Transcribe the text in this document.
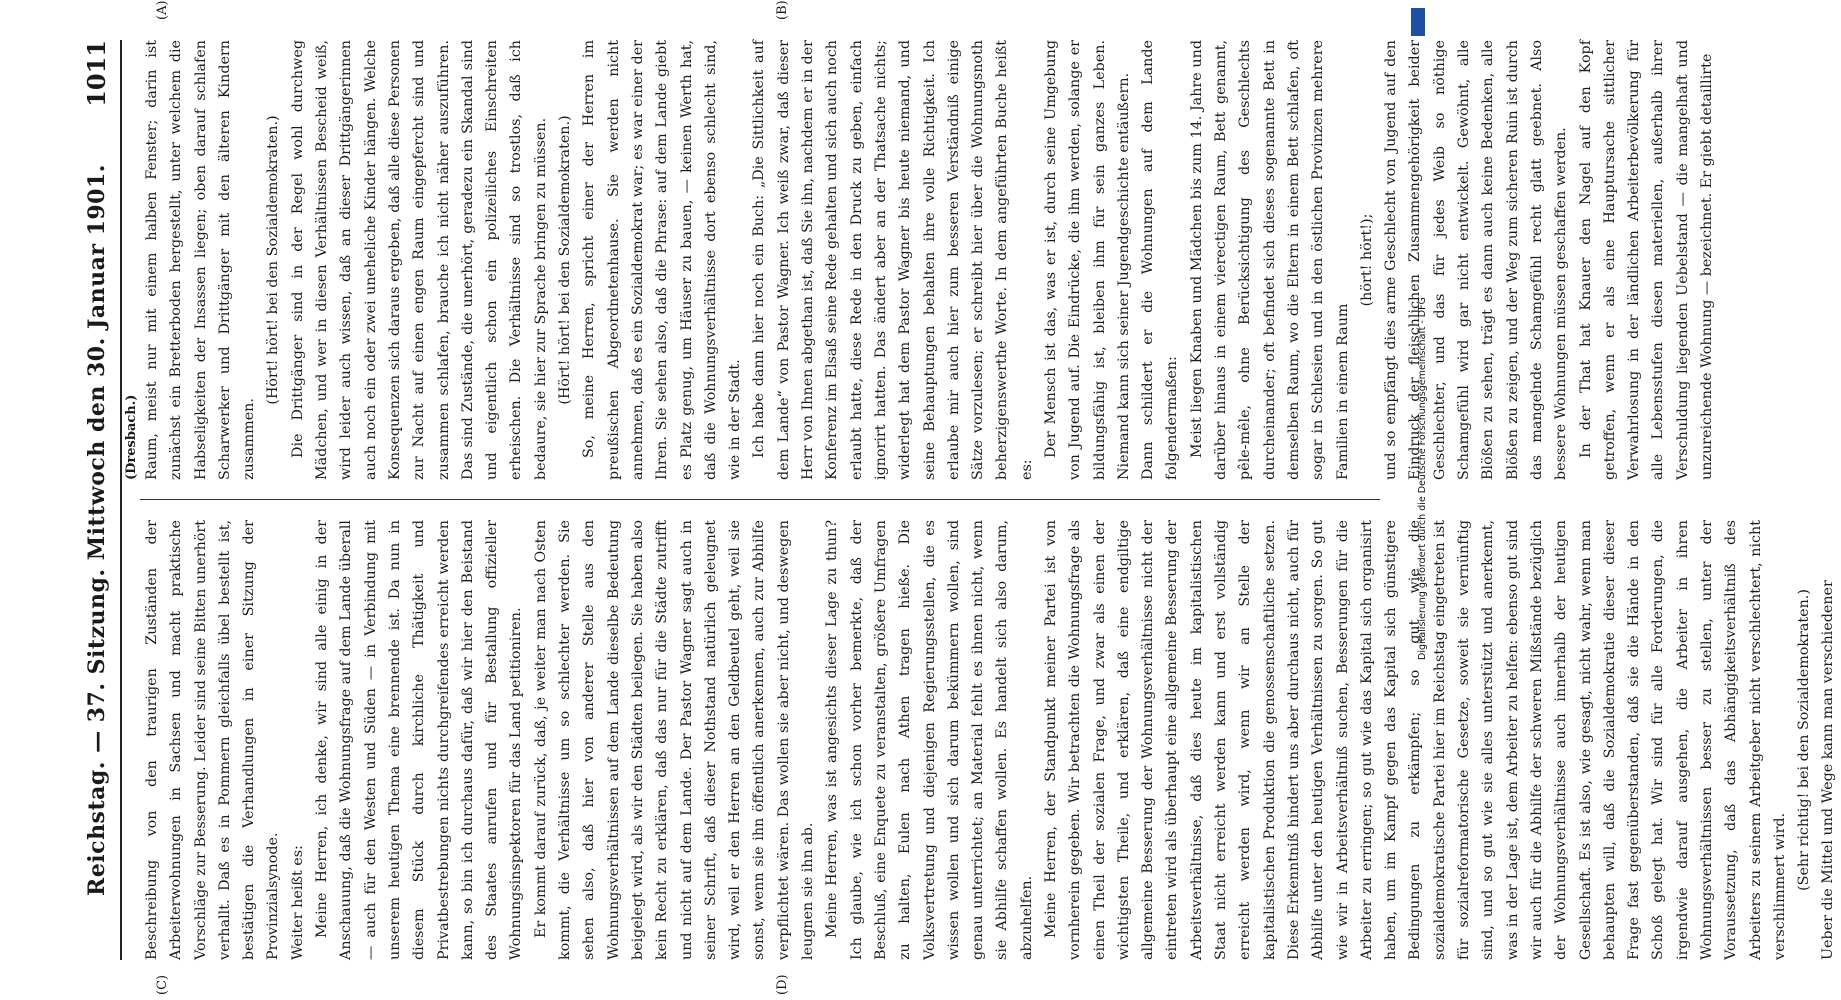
Reichstag. — 37. Sitzung. Mittwoch den 30. Januar 1901.
1011
(Dresbach.)
(A)	(B)
(C)	(D)

Raum, meist nur mit einem halben Fenster; darin ist zunächst ein Bretterboden hergestellt, unter welchem die Habseligkeiten der Insassen liegen; oben darauf schlafen Scharwerker und Drittgänger mit den älteren Kindern zusammen.

(Hört! hört! bei den Sozialdemokraten.) Die Drittgänger sind in der Regel wohl durchweg Mädchen, und wer in diesen Verhältnissen Bescheid weiß, wird leider auch wissen, daß an dieser Drittgängerinnen auch noch ein oder zwei uneheliche Kinder hängen. Welche Konsequenzen sich daraus ergeben, daß alle diese Personen zur Nacht auf einen engen Raum eingepfercht sind und zusammen schlafen, brauche ich nicht näher auszuführen. Das sind Zustände, die unerhört, geradezu ein Skandal sind und eigentlich schon ein polizeiliches Einschreiten erheischen. Die Verhältnisse sind so trostlos, daß ich bedaure, sie hier zur Sprache bringen zu müssen. (Hört! hört! bei den Sozialdemokraten.) So, meine Herren, spricht einer der Herren im preußischen Abgeordnetenhause. Sie werden nicht annehmen, daß es ein Sozialdemokrat war; es war einer der Ihren. Sie sehen also, daß die Phrase: auf dem Lande giebt es Platz genug, um Häuser zu bauen, — keinen Werth hat, daß die Wohnungsverhältnisse dort ebenso schlecht sind, wie in der Stadt. Ich habe dann hier noch ein Buch: „Die Sittlichkeit auf dem Lande“ von Pastor Wagner. Ich weiß zwar, daß dieser Herr von Ihnen abgethan ist, daß Sie ihn, nachdem er in der Konferenz im Elsaß seine Rede gehalten und sich auch noch erlaubt hatte, diese Rede in den Druck zu geben, einfach ignorirt hatten. Das ändert aber an der Thatsache nichts; widerlegt hat dem Pastor Wagner bis heute niemand, und seine Behauptungen behalten ihre volle Richtigkeit. Ich erlaube mir auch hier zum besseren Verständniß einige Sätze vorzulesen; er schreibt hier über die Wohnungsnoth beherzigenswerthe Worte. In dem angeführten Buche heißt es:

Der Mensch ist das, was er ist, durch seine Umgebung von Jugend auf. Die Eindrücke, die ihm werden, solange er bildungsfähig ist, bleiben ihm für sein ganzes Leben. Niemand kann sich seiner Jugendgeschichte entäußern. Dann schildert er die Wohnungen auf dem Lande folgendermaßen: Meist liegen Knaben und Mädchen bis zum 14. Jahre und darüber hinaus in einem vierectigen Raum, Bett genannt, pêle-mêle, ohne Berücksichtigung des Geschlechts durcheinander; oft befindet sich dieses sogenannte Bett in demselben Raum, wo die Eltern in einem Bett schlafen, oft sogar in Schlesien und in den östlichen Provinzen mehrere Familien in einem Raum

(hört! hört!); und so empfängt dies arme Geschlecht von Jugend auf den Eindruck der fleischlichen Zusammengehörigkeit beider Geschlechter, und das für jedes Weib so nöthige Schamgefühl wird gar nicht entwickelt. Gewöhnt, alle Blößen zu sehen, trägt es dann auch keine Bedenken, alle Blößen zu zeigen, und der Weg zum sicheren Ruin ist durch das mangelnde Schamgefühl recht glatt geebnet. Also bessere Wohnungen müssen geschaffen werden. In der That hat Knauer den Nagel auf den Kopf getroffen, wenn er als eine Hauptursache sittlicher Verwahrlosung in der ländlichen Arbeiterbevölkerung für alle Lebensstufen diesen materiellen, außerhalb ihrer Verschuldung liegenden Uebelstand — die mangelhaft und unzureichende Wohnung — bezeichnet. Er giebt detaillirte

Beschreibung von den traurigen Zuständen der Arbeiterwohnungen in Sachsen und macht praktische Vorschläge zur Besserung. Leider sind seine Bitten unerhört verhallt. Daß es in Pommern gleichfalls übel bestellt ist, bestätigen die Verhandlungen in einer Sitzung der Provinzialsynode. Weiter heißt es: Meine Herren, ich denke, wir sind alle einig in der Anschauung, daß die Wohnungsfrage auf dem Lande überall — auch für den Westen und Süden — in Verbindung mit unserem heutigen Thema eine brennende ist. Da nun in diesem Stück durch kirchliche Thätigkeit und Privatbestrebungen nichts durchgreifendes erreicht werden kann, so bin ich durchaus dafür, daß wir hier den Beistand des Staates anrufen und für Bestallung offizieller Wohnungsinspektoren für das Land petitioniren. Er kommt darauf zurück, daß, je weiter man nach Osten kommt, die Verhältnisse um so schlechter werden. Sie sehen also, daß hier von anderer Stelle aus den Wohnungsverhältnissen auf dem Lande dieselbe Bedeutung beigelegt wird, als wir den Städten beilegen. Sie haben also kein Recht zu erklären, daß das nur für die Städte zutrifft und nicht auf dem Lande. Der Pastor Wagner sagt auch in seiner Schrift, daß dieser Nothstand natürlich geleugnet wird, weil er den Herren an den Geldbeutel geht, weil sie sonst, wenn sie ihn öffentlich anerkennen, auch zur Abhilfe verpflichtet wären. Das wollen sie aber nicht, und deswegen leugnen sie ihn ab. Meine Herren, was ist angesichts dieser Lage zu thun? Ich glaube, wie ich schon vorher bemerkte, daß der Beschluß, eine Enquete zu veranstalten, größere Umfragen zu halten, Eulen nach Athen tragen hieße. Die Volksvertretung und diejenigen Regierungsstellen, die es wissen wollen und sich darum bekümmern wollen, sind genau unterrichtet; an Material fehlt es ihnen nicht, wenn sie Abhilfe schaffen wollen. Es handelt sich also darum, abzuhelfen. Meine Herren, der Standpunkt meiner Partei ist von vornherein gegeben. Wir betrachten die Wohnungsfrage als einen Theil der sozialen Frage, und zwar als einen der wichtigsten Theile, und erklären, daß eine endgiltige allgemeine Besserung der Wohnungsverhältnisse nicht der eintreten wird als überhaupt eine allgemeine Besserung der Arbeitsverhältnisse, daß dies heute im kapitalistischen Staat nicht erreicht werden kann und erst vollständig erreicht werden wird, wenn wir an Stelle der kapitalistischen Produktion die genossenschaftliche setzen. Diese Erkenntniß hindert uns aber durchaus nicht, auch für Abhilfe unter den heutigen Verhältnissen zu sorgen. So gut wie wir in Arbeitsverhältniß suchen, Besserungen für die Arbeiter zu erringen; so gut wie das Kapital sich organisirt haben, um im Kampf gegen das Kapital sich günstigere Bedingungen zu erkämpfen; so gut wie die sozialdemokratische Partei hier im Reichstag eingetreten ist für sozialreformatorische Gesetze, soweit sie vernünftig sind, und so gut wie sie alles unterstützt und anerkennt, was in der Lage ist, dem Arbeiter zu helfen: ebenso gut sind wir auch für die Abhilfe der schweren Mißstände bezüglich der Wohnungsverhältnisse auch innerhalb der heutigen Gesellschaft. Es ist also, wie gesagt, nicht wahr, wenn man behaupten will, daß die Sozialdemokratie dieser dieser Frage fast gegenüberstanden, daß sie die Hände in den Schoß gelegt hat. Wir sind für alle Forderungen, die irgendwie darauf ausgehen, die Arbeiter in ihren Wohnungsverhältnissen besser zu stellen, unter der Voraussetzung, daß das Abhängigkeitsverhältniß des Arbeiters zu seinem Arbeitgeber nicht verschlechtert, nicht verschlimmert wird. (Sehr richtig! bei den Sozialdemokraten.) Ueber die Mittel und Wege kann man verschiedener

Digitalisierung gefördert durch die Deutsche Forschungsgemeinschaft - DFG
